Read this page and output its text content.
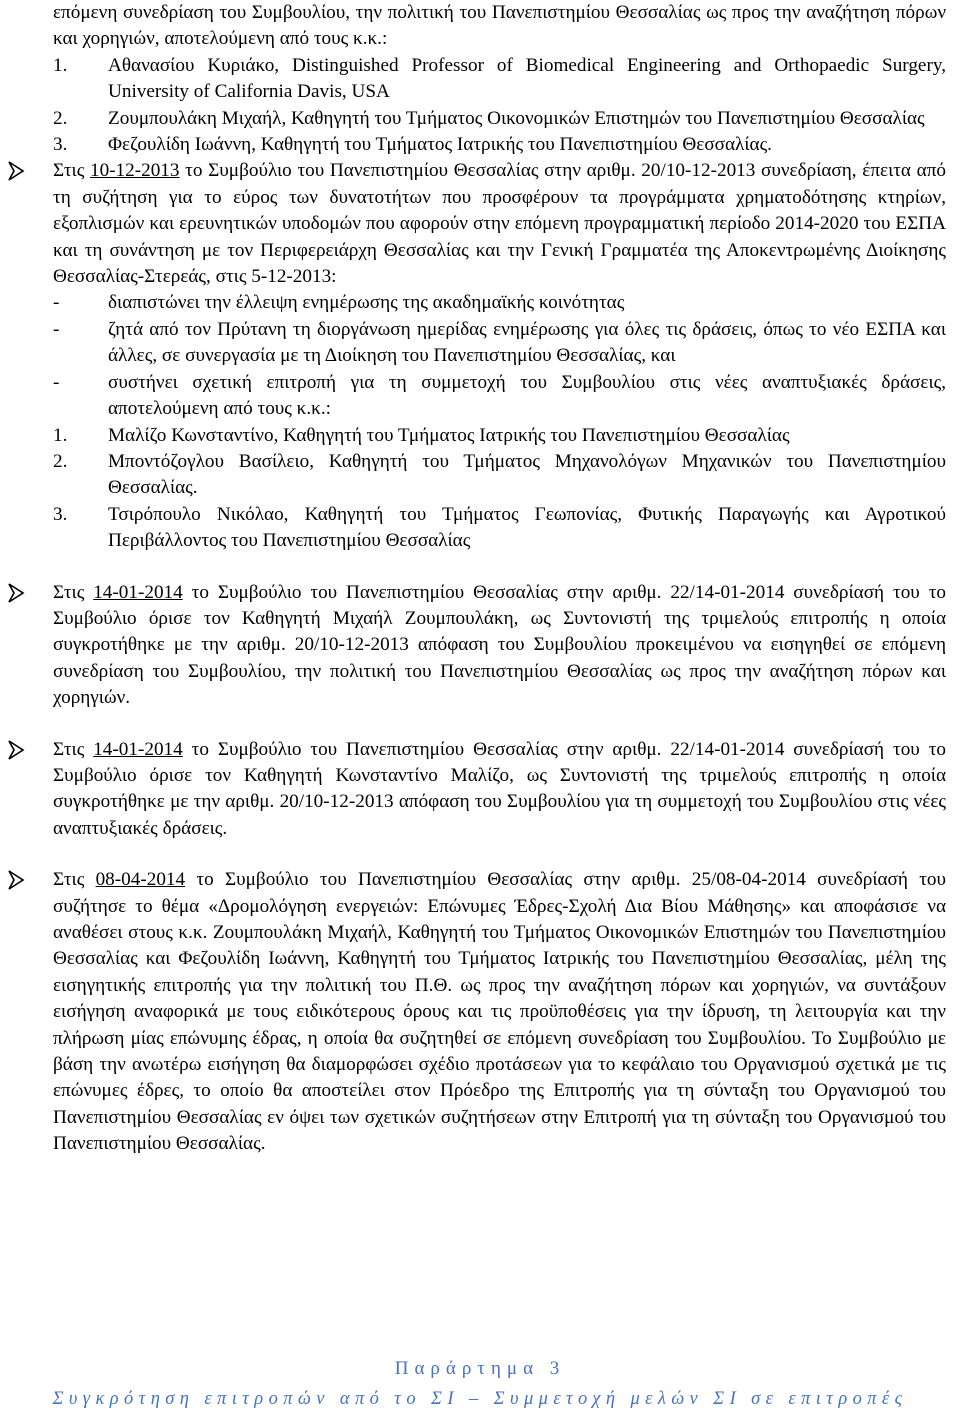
επόμενη συνεδρίαση του Συμβουλίου, την πολιτική του Πανεπιστημίου Θεσσαλίας ως προς την αναζήτηση πόρων και χορηγιών, αποτελούμενη από τους κ.κ.:
1. Αθανασίου Κυριάκο, Distinguished Professor of Biomedical Engineering and Orthopaedic Surgery, University of California Davis, USA
2. Ζουμπουλάκη Μιχαήλ, Καθηγητή του Τμήματος Οικονομικών Επιστημών του Πανεπιστημίου Θεσσαλίας
3. Φεζουλίδη Ιωάννη, Καθηγητή του Τμήματος Ιατρικής του Πανεπιστημίου Θεσσαλίας.
Στις 10-12-2013 το Συμβούλιο του Πανεπιστημίου Θεσσαλίας στην αριθμ. 20/10-12-2013 συνεδρίαση, έπειτα από τη συζήτηση για το εύρος των δυνατοτήτων που προσφέρουν τα προγράμματα χρηματοδότησης κτηρίων, εξοπλισμών και ερευνητικών υποδομών που αφορούν στην επόμενη προγραμματική περίοδο 2014-2020 του ΕΣΠΑ και τη συνάντηση με τον Περιφερειάρχη Θεσσαλίας και την Γενική Γραμματέα της Αποκεντρωμένης Διοίκησης Θεσσαλίας-Στερεάς, στις 5-12-2013:
-	διαπιστώνει την έλλειψη ενημέρωσης της ακαδημαϊκής κοινότητας
-	ζητά από τον Πρύτανη τη διοργάνωση ημερίδας ενημέρωσης για όλες τις δράσεις, όπως το νέο ΕΣΠΑ και άλλες, σε συνεργασία με τη Διοίκηση του Πανεπιστημίου Θεσσαλίας, και
-	συστήνει σχετική επιτροπή για τη συμμετοχή του Συμβουλίου στις νέες αναπτυξιακές δράσεις, αποτελούμενη από τους κ.κ.:
1. Μαλίζο Κωνσταντίνο, Καθηγητή του Τμήματος Ιατρικής του Πανεπιστημίου Θεσσαλίας
2. Μποντόζογλου Βασίλειο, Καθηγητή του Τμήματος Μηχανολόγων Μηχανικών του Πανεπιστημίου Θεσσαλίας.
3. Τσιρόπουλο Νικόλαο, Καθηγητή του Τμήματος Γεωπονίας, Φυτικής Παραγωγής και Αγροτικού Περιβάλλοντος του Πανεπιστημίου Θεσσαλίας
Στις 14-01-2014 το Συμβούλιο του Πανεπιστημίου Θεσσαλίας στην αριθμ. 22/14-01-2014 συνεδρίασή του το Συμβούλιο όρισε τον Καθηγητή Μιχαήλ Ζουμπουλάκη, ως Συντονιστή της τριμελούς επιτροπής η οποία συγκροτήθηκε με την αριθμ. 20/10-12-2013 απόφαση του Συμβουλίου προκειμένου να εισηγηθεί σε επόμενη συνεδρίαση του Συμβουλίου, την πολιτική του Πανεπιστημίου Θεσσαλίας ως προς την αναζήτηση πόρων και χορηγιών.
Στις 14-01-2014 το Συμβούλιο του Πανεπιστημίου Θεσσαλίας στην αριθμ. 22/14-01-2014 συνεδρίασή του το Συμβούλιο όρισε τον Καθηγητή Κωνσταντίνο Μαλίζο, ως Συντονιστή της τριμελούς επιτροπής η οποία συγκροτήθηκε με την αριθμ. 20/10-12-2013 απόφαση του Συμβουλίου για τη συμμετοχή του Συμβουλίου στις νέες αναπτυξιακές δράσεις.
Στις 08-04-2014 το Συμβούλιο του Πανεπιστημίου Θεσσαλίας στην αριθμ. 25/08-04-2014 συνεδρίασή του συζήτησε το θέμα «Δρομολόγηση ενεργειών: Επώνυμες Έδρες-Σχολή Δια Βίου Μάθησης» και αποφάσισε να αναθέσει στους κ.κ. Ζουμπουλάκη Μιχαήλ, Καθηγητή του Τμήματος Οικονομικών Επιστημών του Πανεπιστημίου Θεσσαλίας και Φεζουλίδη Ιωάννη, Καθηγητή του Τμήματος Ιατρικής του Πανεπιστημίου Θεσσαλίας, μέλη της εισηγητικής επιτροπής για την πολιτική του Π.Θ. ως προς την αναζήτηση πόρων και χορηγιών, να συντάξουν εισήγηση αναφορικά με τους ειδικότερους όρους και τις προϋποθέσεις για την ίδρυση, τη λειτουργία και την πλήρωση μίας επώνυμης έδρας, η οποία θα συζητηθεί σε επόμενη συνεδρίαση του Συμβουλίου. Το Συμβούλιο με βάση την ανωτέρω εισήγηση θα διαμορφώσει σχέδιο προτάσεων για το κεφάλαιο του Οργανισμού σχετικά με τις επώνυμες έδρες, το οποίο θα αποστείλει στον Πρόεδρο της Επιτροπής για τη σύνταξη του Οργανισμού του Πανεπιστημίου Θεσσαλίας εν όψει των σχετικών συζητήσεων στην Επιτροπή για τη σύνταξη του Οργανισμού του Πανεπιστημίου Θεσσαλίας.
Παράρτημα 3
Συγκρότηση επιτροπών από το ΣΙ – Συμμετοχή μελών ΣΙ σε επιτροπές
